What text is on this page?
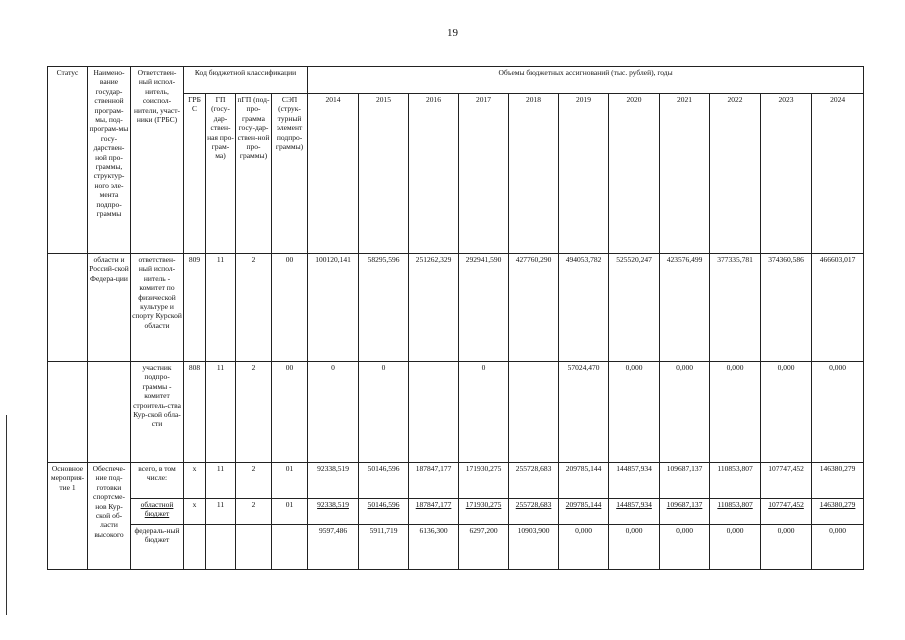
19
Статус	Наимено-вание государ-ственной програм-мы, под-програм-мы госу-дарствен-ной про-граммы, структур-ного эле-мента подпро-граммы	Ответствен-ный испол-нитель, соиспол-нители, участ-ники (ГРБС)	Код бюджетной классификации				Объемы бюджетных ассигнований (тыс. рублей), годы										
			ГРБ С	ГП (госу-дар-ствен-ная про-грам-ма)	пГП (под-про-грамма госу-дар-ствен-ной про-граммы)	СЭП (струк-турный элемент подпро-граммы)	2014	2015	2016	2017	2018	2019	2020	2021	2022	2023	2024
	области и Россий-ской Федера-ции	ответствен-ный испол-нитель - комитет по физической культуре и спорту Курской области	809	11	2	00	100120,141	58295,596	251262,329	292941,590	427760,290	494053,782	525520,247	423576,499	377335,781	374360,586	466603,017
		участник подпро-граммы - комитет строитель-ства Кур-ской обла-сти	808	11	2	00	0	0		0		57024,470	0,000	0,000	0,000	0,000	0,000
Основное мероприя-тие 1	Обеспече-ние под-готовки спортсме-нов Кур-ской об-ласти высокого	всего, в том числе:	х	11	2	01	92338,519	50146,596	187847,177	171930,275	255728,683	209785,144	144857,934	109687,137	110853,807	107747,452	146380,279
		областной бюджет	х	11	2	01	92338,519	50146,596	187847,177	171930,275	255728,683	209785,144	144857,934	109687,137	110853,807	107747,452	146380,279
		федераль-ный бюджет					9597,486	5911,719	6136,300	6297,200	10903,900	0,000	0,000	0,000	0,000	0,000	0,000
